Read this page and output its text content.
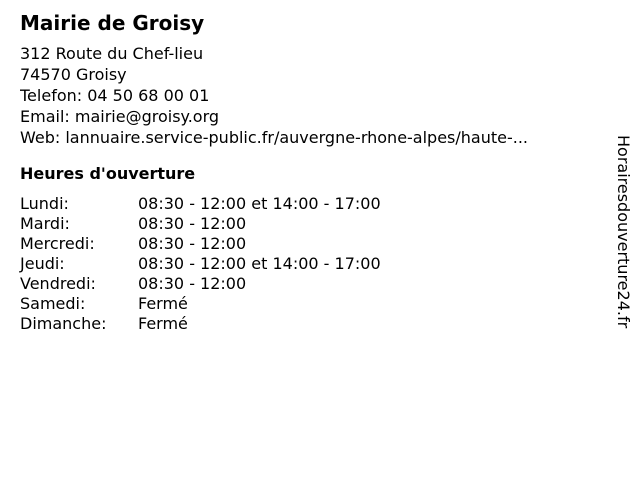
Mairie de Groisy
312 Route du Chef-lieu
74570 Groisy
Telefon: 04 50 68 00 01
Email: mairie@groisy.org
Web: lannuaire.service-public.fr/auvergne-rhone-alpes/haute-...
Heures d'ouverture
Lundi:	08:30 - 12:00 et 14:00 - 17:00
Mardi:	08:30 - 12:00
Mercredi:	08:30 - 12:00
Jeudi:	08:30 - 12:00 et 14:00 - 17:00
Vendredi:	08:30 - 12:00
Samedi:	Fermé
Dimanche: Fermé	Horairesdouverture24.fr
